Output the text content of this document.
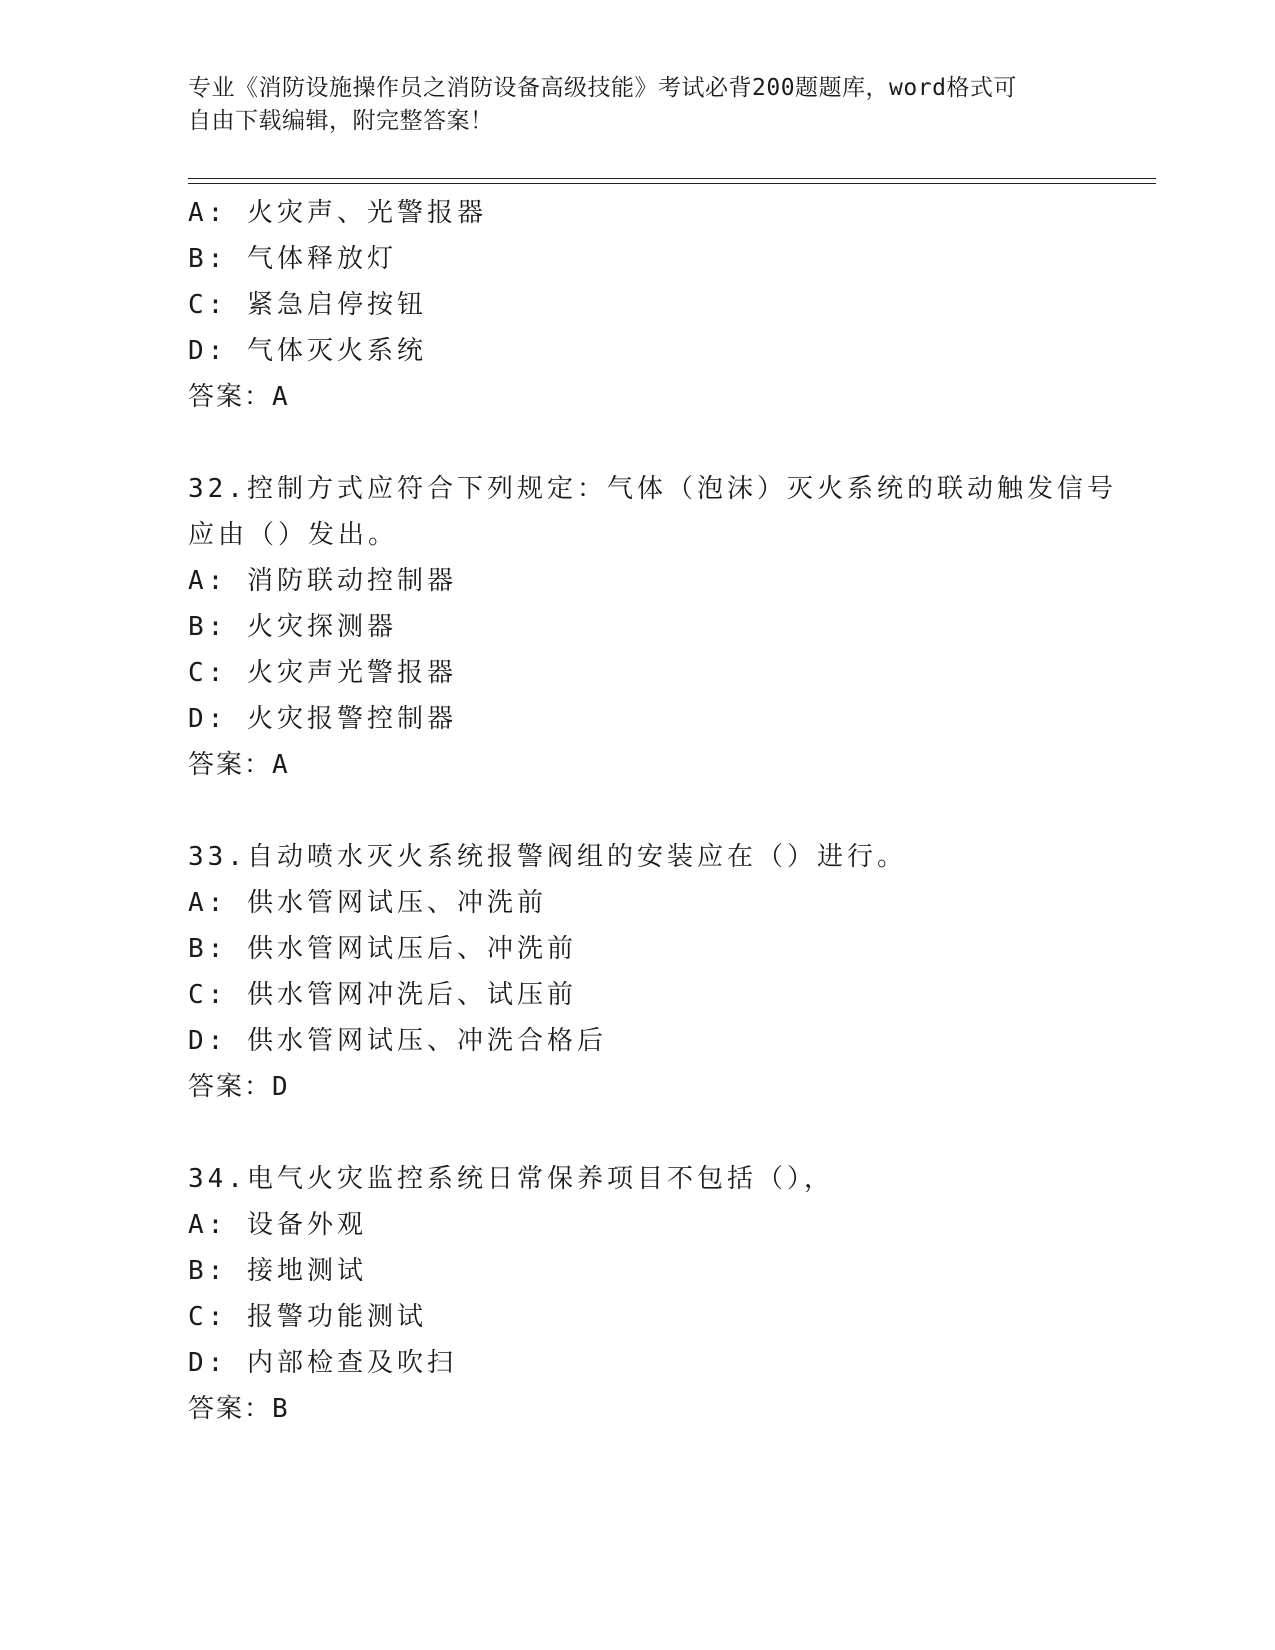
专业《消防设施操作员之消防设备高级技能》考试必背200题题库，word格式可
自由下载编辑，附完整答案！
A: 火灾声、光警报器
B: 气体释放灯
C: 紧急启停按钮
D: 气体灭火系统
答案：A
32.控制方式应符合下列规定：气体（泡沫）灭火系统的联动触发信号
应由（）发出。
A: 消防联动控制器
B: 火灾探测器
C: 火灾声光警报器
D: 火灾报警控制器
答案：A
33.自动喷水灭火系统报警阀组的安装应在（）进行。
A: 供水管网试压、冲洗前
B: 供水管网试压后、冲洗前
C: 供水管网冲洗后、试压前
D: 供水管网试压、冲洗合格后
答案：D
34.电气火灾监控系统日常保养项目不包括（），
A: 设备外观
B: 接地测试
C: 报警功能测试
D: 内部检查及吹扫
答案：B
